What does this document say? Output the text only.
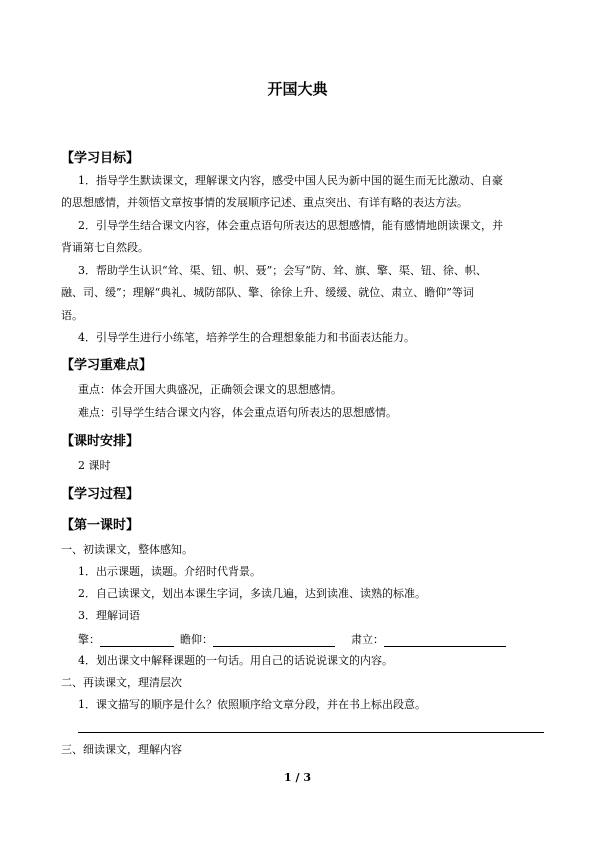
开国大典
【学习目标】
1．指导学生默读课文，理解课文内容，感受中国人民为新中国的诞生而无比激动、自豪
的思想感情，并领悟文章按事情的发展顺序记述、重点突出、有详有略的表达方法。
2．引导学生结合课文内容，体会重点语句所表达的思想感情，能有感情地朗读课文，并
背诵第七自然段。
3．帮助学生认识“耸、渠、钮、帜、聂”；会写“防、耸、旗、擎、渠、钮、徐、帜、
融、司、缓”；理解“典礼、城防部队、擎、徐徐上升、缓缓、就位、肃立、瞻仰”等词
语。
4．引导学生进行小练笔，培养学生的合理想象能力和书面表达能力。
【学习重难点】
重点：体会开国大典盛况，正确领会课文的思想感情。
难点：引导学生结合课文内容，体会重点语句所表达的思想感情。
【课时安排】
2 课时
【学习过程】
【第一课时】
一、初读课文，整体感知。
1．出示课题，读题。介绍时代背景。
2．自己读课文，划出本课生字词，多读几遍，达到读准、读熟的标准。
3．理解词语
擎：	瞻仰：	肃立：
4．划出课文中解释课题的一句话。用自己的话说说课文的内容。
二、再读课文，理清层次
1．课文描写的顺序是什么？依照顺序给文章分段，并在书上标出段意。
三、细读课文，理解内容
1 / 3
